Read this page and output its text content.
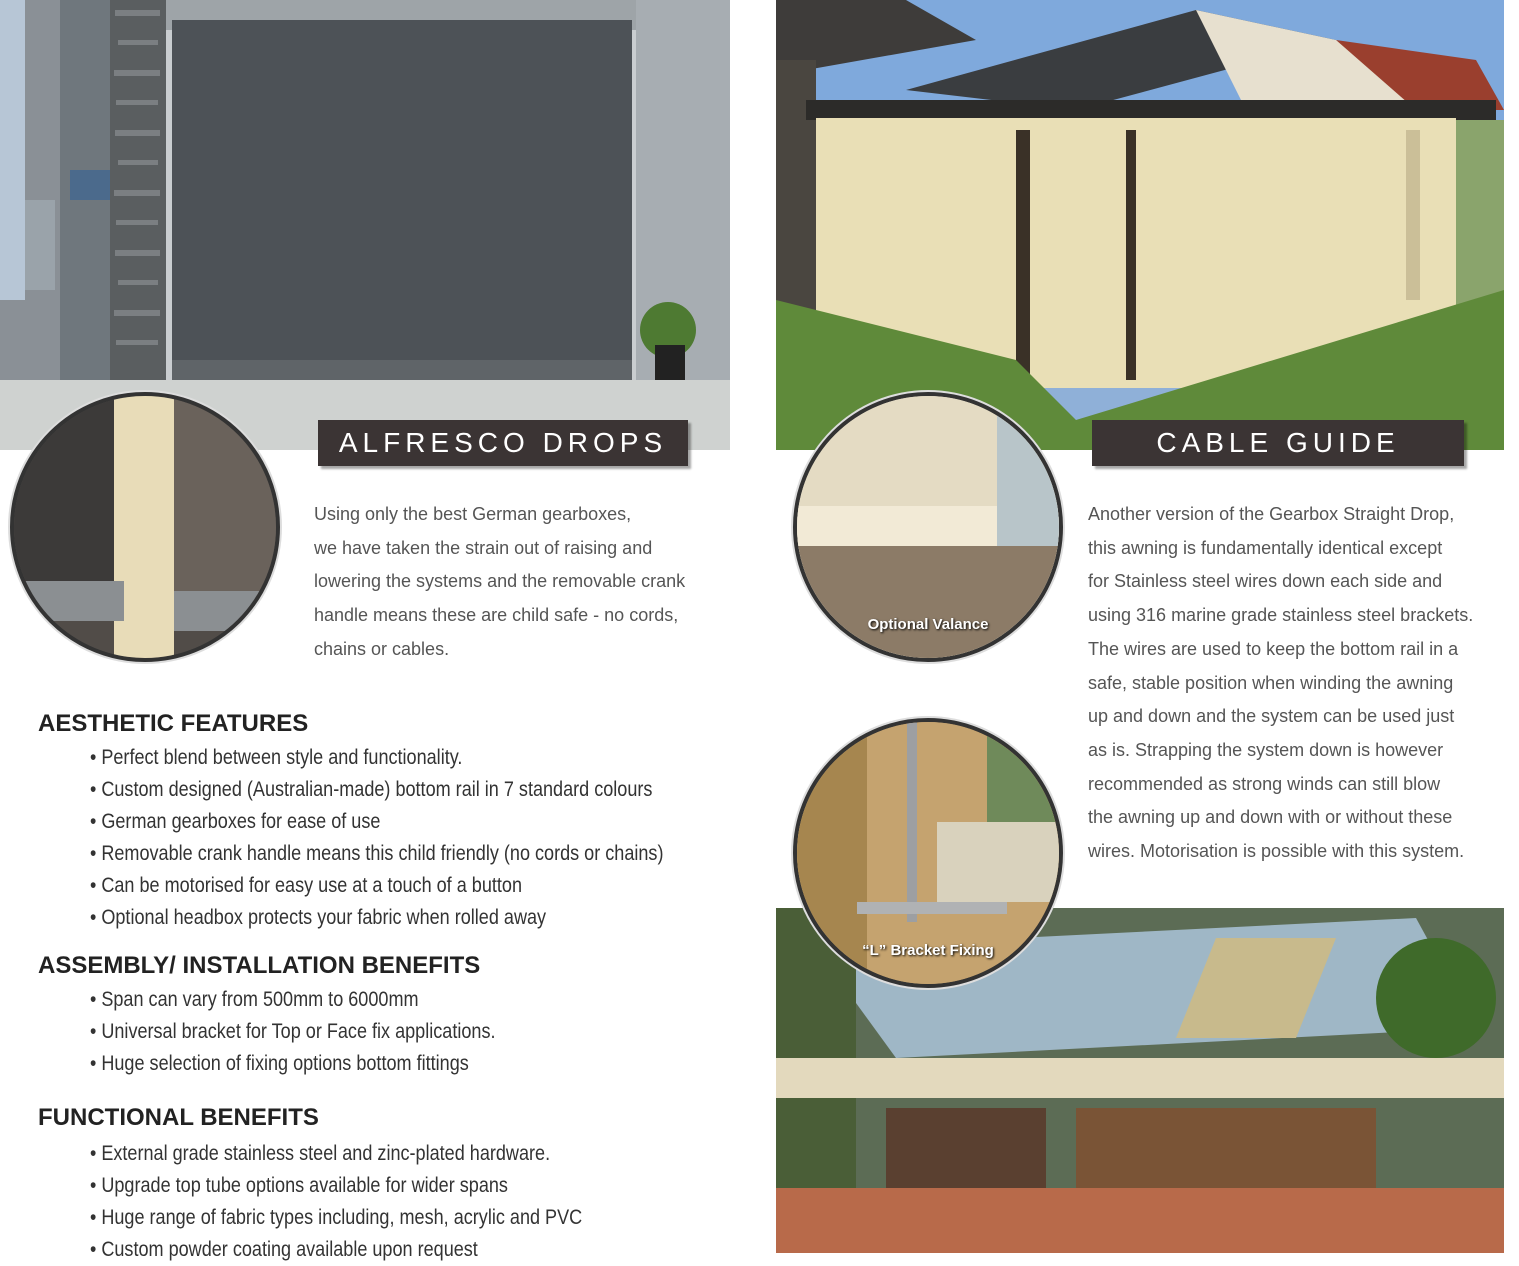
ALFRESCO DROPS	CABLE GUIDE
Optional Valance
“L” Bracket Fixing
Using only the best German gearboxes,
we have taken the strain out of raising and
lowering the systems and the removable crank
handle means these are child safe - no cords,
chains or cables.
Another version of the Gearbox Straight Drop,
this awning is fundamentally identical except
for Stainless steel wires down each side and
using 316 marine grade stainless steel brackets.
The wires are used to keep the bottom rail in a
safe, stable position when winding the awning
up and down and the system can be used just
as is. Strapping the system down is however
recommended as strong winds can still blow
the awning up and down with or without these
wires. Motorisation is possible with this system.
AESTHETIC FEATURES
• Perfect blend between style and functionality.
• Custom designed (Australian-made) bottom rail in 7 standard colours
• German gearboxes for ease of use
• Removable crank handle means this child friendly (no cords or chains)
• Can be motorised for easy use at a touch of a button
• Optional headbox protects your fabric when rolled away
ASSEMBLY/ INSTALLATION BENEFITS
• Span can vary from 500mm to 6000mm
• Universal bracket for Top or Face fix applications.
• Huge selection of fixing options bottom fittings
FUNCTIONAL BENEFITS
• External grade stainless steel and zinc-plated hardware.
• Upgrade top tube options available for wider spans
• Huge range of fabric types including, mesh, acrylic and PVC
• Custom powder coating available upon request
